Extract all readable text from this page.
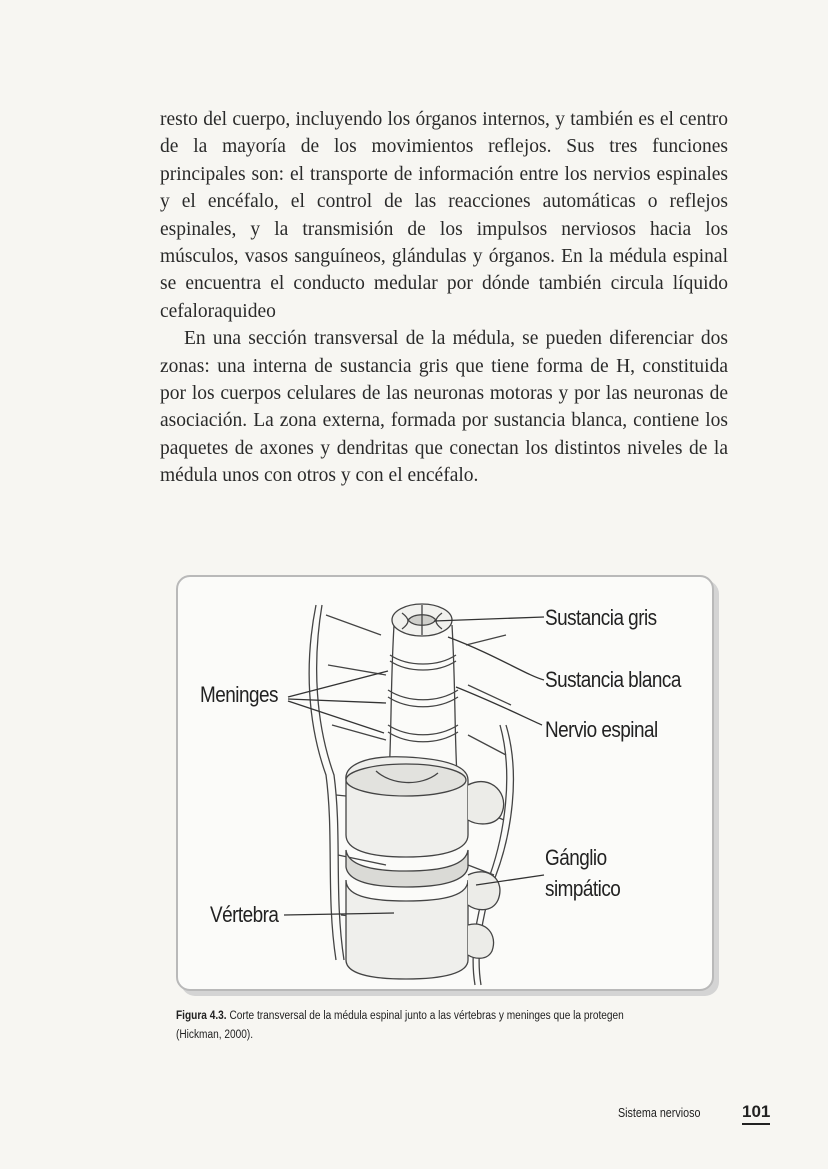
resto del cuerpo, incluyendo los órganos internos, y también es el centro de la mayoría de los movimientos reflejos. Sus tres funciones principales son: el transporte de información entre los nervios espinales y el encéfalo, el control de las reacciones automáticas o reflejos espinales, y la transmisión de los impulsos nerviosos hacia los músculos, vasos sanguíneos, glándulas y órganos. En la médula espinal se encuentra el conducto medular por dónde también circula líquido cefaloraquideo

En una sección transversal de la médula, se pueden diferenciar dos zonas: una interna de sustancia gris que tiene forma de H, constituida por los cuerpos celulares de las neuronas motoras y por las neuronas de asociación. La zona externa, formada por sustancia blanca, contiene los paquetes de axones y dendritas que conectan los distintos niveles de la médula unos con otros y con el encéfalo.

Sustancia gris
Sustancia blanca
Nervio espinal
Meninges
Gánglio
simpático
Vértebra
Figura 4.3. Corte transversal de la médula espinal junto a las vértebras y meninges que la protegen (Hickman, 2000).
Sistema nervioso 101
